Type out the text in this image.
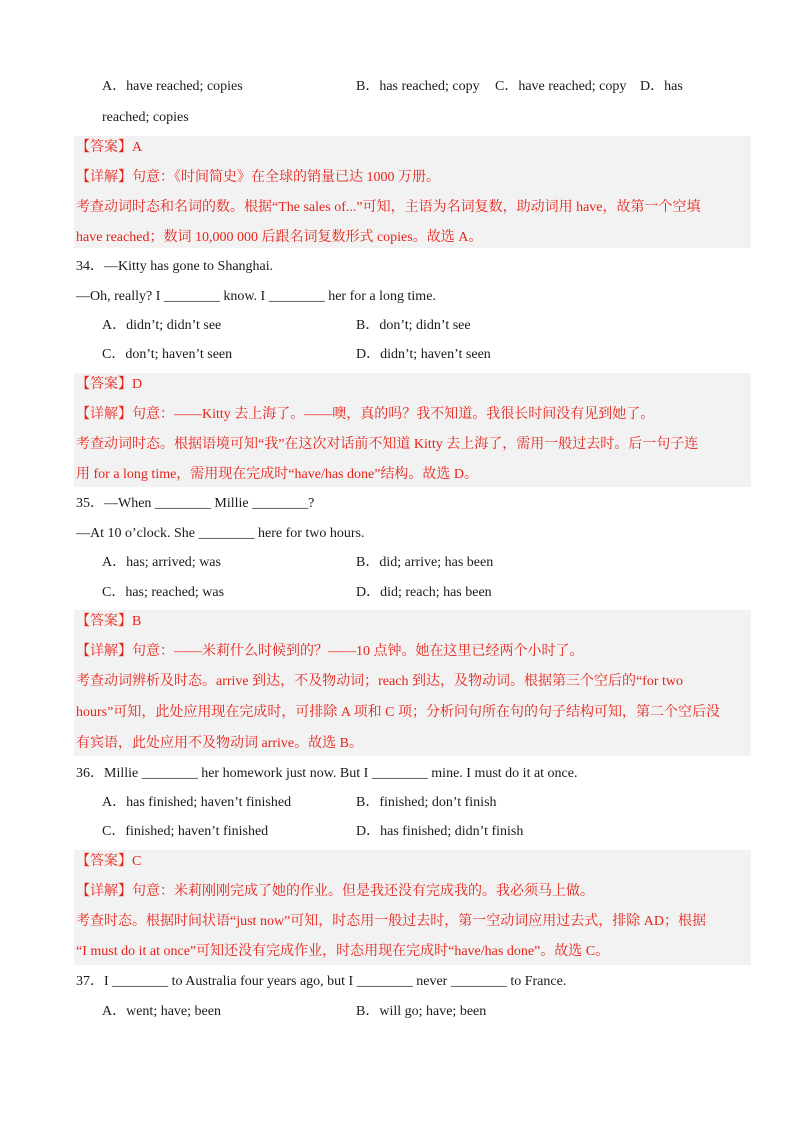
A．have reached; copies	B．has reached; copy C．have reached; copy D．has
reached; copies
【答案】A
【详解】句意：《时间简史》在全球的销量已达 1000 万册。
考查动词时态和名词的数。根据“The sales of...”可知，主语为名词复数，助动词用 have，故第一个空填
have reached；数词 10,000 000 后跟名词复数形式 copies。故选 A。
34．—Kitty has gone to Shanghai.
—Oh, really? I ________ know. I ________ her for a long time.
A．didn’t; didn’t see	B．don’t; didn’t see
C．don’t; haven’t seen	D．didn’t; haven’t seen
【答案】D
【详解】句意：——Kitty 去上海了。——噢，真的吗？我不知道。我很长时间没有见到她了。
考查动词时态。根据语境可知“我”在这次对话前不知道 Kitty 去上海了，需用一般过去时。后一句子连
用 for a long time，需用现在完成时“have/has done”结构。故选 D。
35．—When ________ Millie ________?
—At 10 o’clock. She ________ here for two hours.
A．has; arrived; was	B．did; arrive; has been
C．has; reached; was	D．did; reach; has been
【答案】B
【详解】句意：——米莉什么时候到的？——10 点钟。她在这里已经两个小时了。
考查动词辨析及时态。arrive 到达，不及物动词；reach 到达，及物动词。根据第三个空后的“for two
hours”可知，此处应用现在完成时，可排除 A 项和 C 项；分析问句所在句的句子结构可知，第二个空后没
有宾语，此处应用不及物动词 arrive。故选 B。
36．Millie ________ her homework just now. But I ________ mine. I must do it at once.
A．has finished; haven’t finished	B．finished; don’t finish
C．finished; haven’t finished	D．has finished; didn’t finish
【答案】C
【详解】句意：米莉刚刚完成了她的作业。但是我还没有完成我的。我必须马上做。
考查时态。根据时间状语“just now”可知，时态用一般过去时，第一空动词应用过去式，排除 AD；根据
“I must do it at once”可知还没有完成作业，时态用现在完成时“have/has done”。故选 C。
37．I ________ to Australia four years ago, but I ________ never ________ to France.
A．went; have; been	B．will go; have; been
